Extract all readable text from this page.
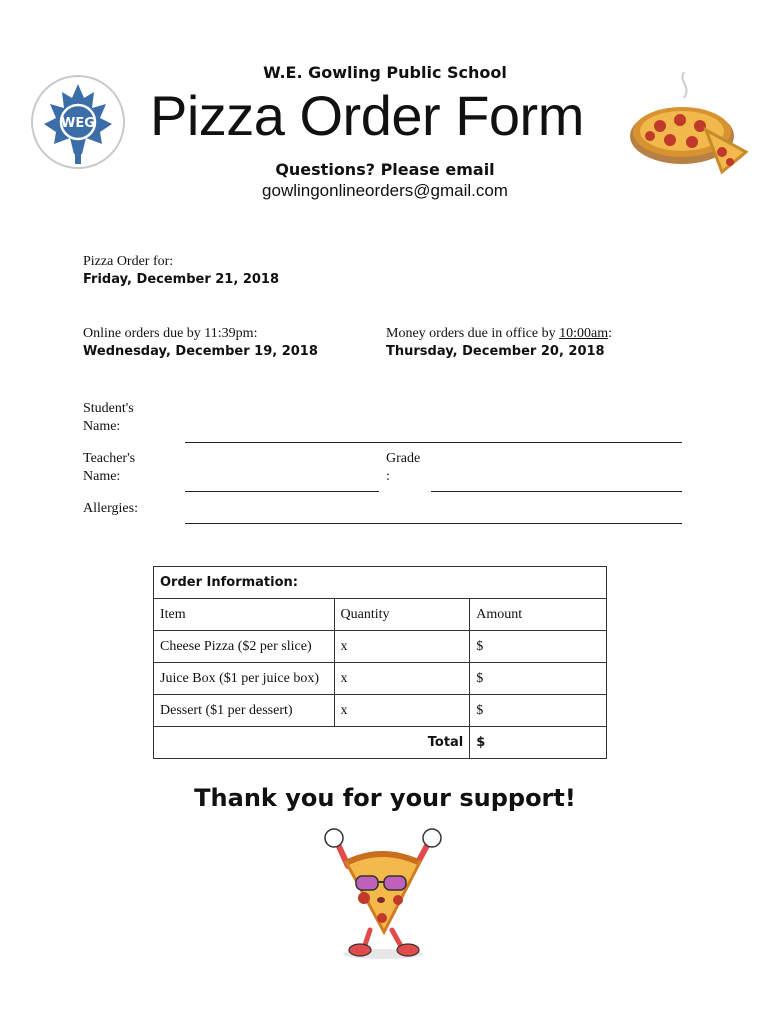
WEG
W.E. Gowling Public School
Pizza Order Form
Questions? Please email
gowlingonlineorders@gmail.com
Pizza Order for:
Friday, December 21, 2018
Online orders due by 11:39pm:
Wednesday, December 19, 2018
Money orders due in office by 10:00am:
Thursday, December 20, 2018
Student's Name:
Teacher's Name:
Grade :
Allergies:
Order Information:		
Item	Quantity	Amount
Cheese Pizza ($2 per slice)	x	$
Juice Box ($1 per juice box)	x	$
Dessert ($1 per dessert)	x	$
Total		$
Thank you for your support!
